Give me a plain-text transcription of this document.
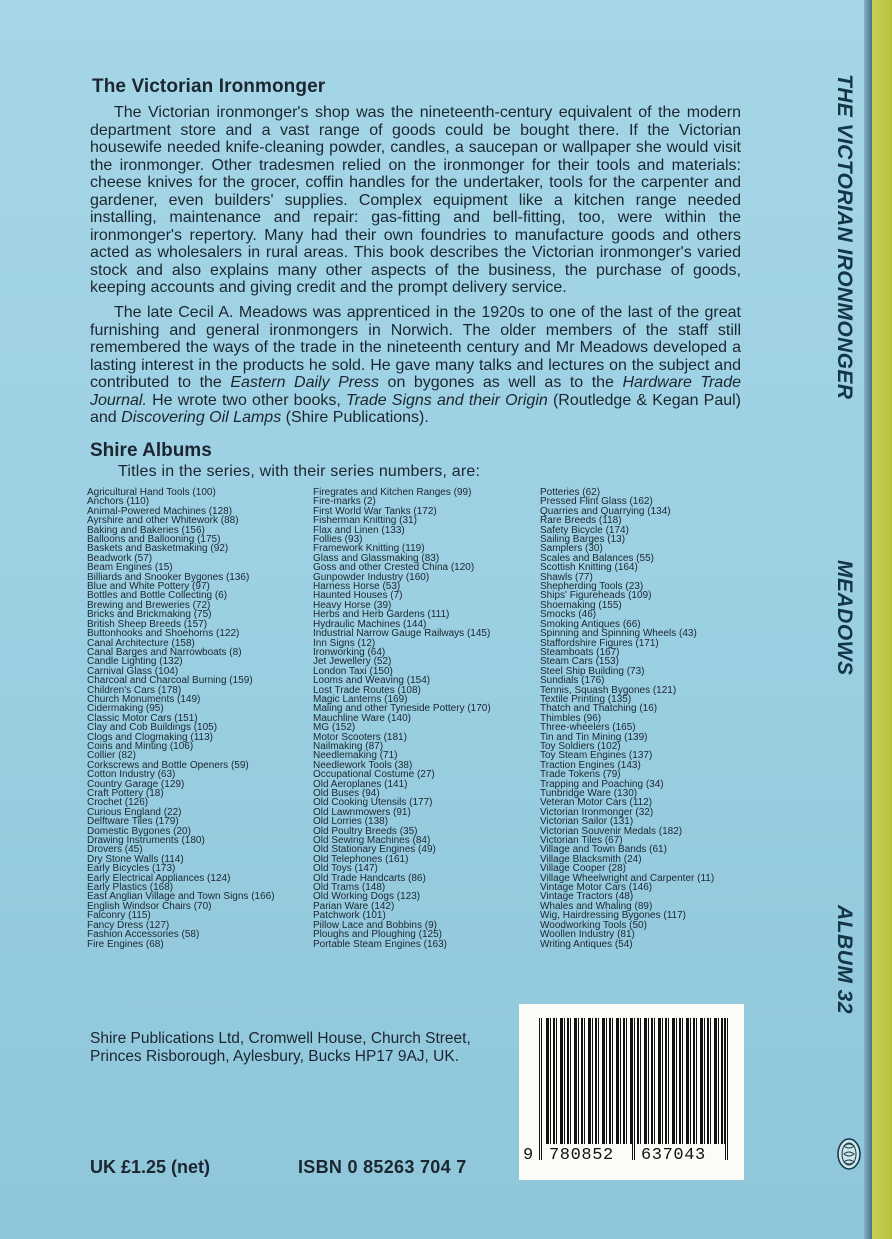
The Victorian Ironmonger

The Victorian ironmonger's shop was the nineteenth-century equivalent of the modern department store and a vast range of goods could be bought there. If the Victorian housewife needed knife-cleaning powder, candles, a saucepan or wallpaper she would visit the ironmonger. Other tradesmen relied on the ironmonger for their tools and materials: cheese knives for the grocer, coffin handles for the undertaker, tools for the carpenter and gardener, even builders' supplies. Complex equipment like a kitchen range needed installing, maintenance and repair: gas-fitting and bell-fitting, too, were within the ironmonger's repertory. Many had their own foundries to manufacture goods and others acted as wholesalers in rural areas. This book describes the Victorian ironmonger's varied stock and also explains many other aspects of the business, the purchase of goods, keeping accounts and giving credit and the prompt delivery service.

The late Cecil A. Meadows was apprenticed in the 1920s to one of the last of the great furnishing and general ironmongers in Norwich. The older members of the staff still remembered the ways of the trade in the nineteenth century and Mr Meadows developed a lasting interest in the products he sold. He gave many talks and lectures on the subject and contributed to the Eastern Daily Press on bygones as well as to the Hardware Trade Journal. He wrote two other books, Trade Signs and their Origin (Routledge & Kegan Paul) and Discovering Oil Lamps (Shire Publications).

Shire Albums

Titles in the series, with their series numbers, are:

Agricultural Hand Tools (100)
Anchors (110)
Animal-Powered Machines (128)
Ayrshire and other Whitework (88)
Baking and Bakeries (156)
Balloons and Ballooning (175)
Baskets and Basketmaking (92)
Beadwork (57)
Beam Engines (15)
Billiards and Snooker Bygones (136)
Blue and White Pottery (97)
Bottles and Bottle Collecting (6)
Brewing and Breweries (72)
Bricks and Brickmaking (75)
British Sheep Breeds (157)
Buttonhooks and Shoehorns (122)
Canal Architecture (158)
Canal Barges and Narrowboats (8)
Candle Lighting (132)
Carnival Glass (104)
Charcoal and Charcoal Burning (159)
Children's Cars (178)
Church Monuments (149)
Cidermaking (95)
Classic Motor Cars (151)
Clay and Cob Buildings (105)
Clogs and Clogmaking (113)
Coins and Minting (106)
Collier (82)
Corkscrews and Bottle Openers (59)
Cotton Industry (63)
Country Garage (129)
Craft Pottery (18)
Crochet (126)
Curious England (22)
Delftware Tiles (179)
Domestic Bygones (20)
Drawing Instruments (180)
Drovers (45)
Dry Stone Walls (114)
Early Bicycles (173)
Early Electrical Appliances (124)
Early Plastics (168)
East Anglian Village and Town Signs (166)
English Windsor Chairs (70)
Falconry (115)
Fancy Dress (127)
Fashion Accessories (58)
Fire Engines (68)
Firegrates and Kitchen Ranges (99)
Fire-marks (2)
First World War Tanks (172)
Fisherman Knitting (31)
Flax and Linen (133)
Follies (93)
Framework Knitting (119)
Glass and Glassmaking (83)
Goss and other Crested China (120)
Gunpowder Industry (160)
Harness Horse (53)
Haunted Houses (7)
Heavy Horse (39)
Herbs and Herb Gardens (111)
Hydraulic Machines (144)
Industrial Narrow Gauge Railways (145)
Inn Signs (12)
Ironworking (64)
Jet Jewellery (52)
London Taxi (150)
Looms and Weaving (154)
Lost Trade Routes (108)
Magic Lanterns (169)
Maling and other Tyneside Pottery (170)
Mauchline Ware (140)
MG (152)
Motor Scooters (181)
Nailmaking (87)
Needlemaking (71)
Needlework Tools (38)
Occupational Costume (27)
Old Aeroplanes (141)
Old Buses (94)
Old Cooking Utensils (177)
Old Lawnmowers (91)
Old Lorries (138)
Old Poultry Breeds (35)
Old Sewing Machines (84)
Old Stationary Engines (49)
Old Telephones (161)
Old Toys (147)
Old Trade Handcarts (86)
Old Trams (148)
Old Working Dogs (123)
Parian Ware (142)
Patchwork (101)
Pillow Lace and Bobbins (9)
Ploughs and Ploughing (125)
Portable Steam Engines (163)
Potteries (62)
Pressed Flint Glass (162)
Quarries and Quarrying (134)
Rare Breeds (118)
Safety Bicycle (174)
Sailing Barges (13)
Samplers (30)
Scales and Balances (55)
Scottish Knitting (164)
Shawls (77)
Shepherding Tools (23)
Ships' Figureheads (109)
Shoemaking (155)
Smocks (46)
Smoking Antiques (66)
Spinning and Spinning Wheels (43)
Staffordshire Figures (171)
Steamboats (167)
Steam Cars (153)
Steel Ship Building (73)
Sundials (176)
Tennis, Squash Bygones (121)
Textile Printing (135)
Thatch and Thatching (16)
Thimbles (96)
Three-wheelers (165)
Tin and Tin Mining (139)
Toy Soldiers (102)
Toy Steam Engines (137)
Traction Engines (143)
Trade Tokens (79)
Trapping and Poaching (34)
Tunbridge Ware (130)
Veteran Motor Cars (112)
Victorian Ironmonger (32)
Victorian Sailor (131)
Victorian Souvenir Medals (182)
Victorian Tiles (67)
Village and Town Bands (61)
Village Blacksmith (24)
Village Cooper (28)
Village Wheelwright and Carpenter (11)
Vintage Motor Cars (146)
Vintage Tractors (48)
Whales and Whaling (89)
Wig, Hairdressing Bygones (117)
Woodworking Tools (50)
Woollen Industry (81)
Writing Antiques (54)

Shire Publications Ltd, Cromwell House, Church Street, Princes Risborough, Aylesbury, Bucks HP17 9AJ, UK.

UK £1.25 (net)	ISBN 0 85263 704 7

9 780852 637043
THE VICTORIAN IRONMONGER
MEADOWS
ALBUM 32
